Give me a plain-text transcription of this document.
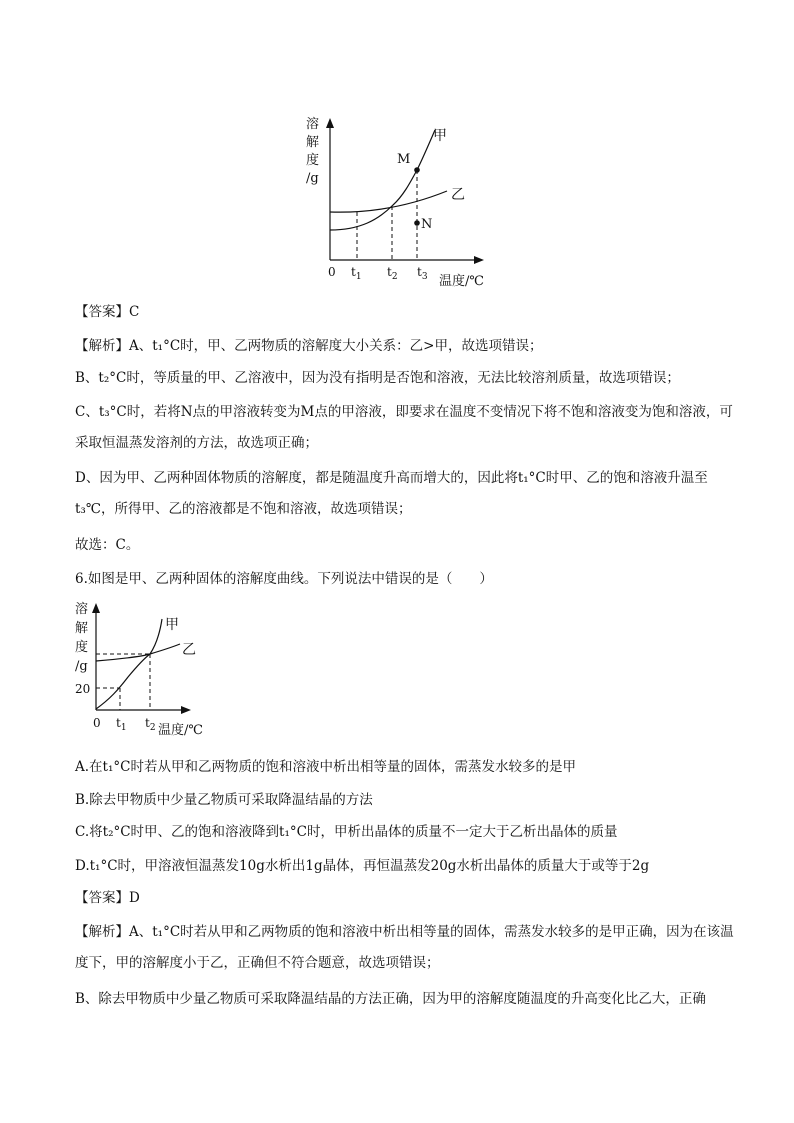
溶
解
度
/g
M
N
甲
乙
0 $t_1$ $t_2$ $t_3$ 温度/℃
【答案】C
【解析】A、t₁°C时，甲、乙两物质的溶解度大小关系：乙>甲，故选项错误；
B、t₂°C时，等质量的甲、乙溶液中，因为没有指明是否饱和溶液，无法比较溶剂质量，故选项错误；
C、t₃°C时，若将N点的甲溶液转变为M点的甲溶液，即要求在温度不变情况下将不饱和溶液变为饱和溶液，可采取恒温蒸发溶剂的方法，故选项正确；
D、因为甲、乙两种固体物质的溶解度，都是随温度升高而增大的，因此将t₁°C时甲、乙的饱和溶液升温至t₃℃，所得甲、乙的溶液都是不饱和溶液，故选项错误；
故选：C。
6.如图是甲、乙两种固体的溶解度曲线。下列说法中错误的是（　　）
溶
解
度
/g
20
甲
乙
0 $t_1$ $t_2$ 温度/℃
A.在t₁°C时若从甲和乙两物质的饱和溶液中析出相等量的固体，需蒸发水较多的是甲
B.除去甲物质中少量乙物质可采取降温结晶的方法
C.将t₂°C时甲、乙的饱和溶液降到t₁°C时，甲析出晶体的质量不一定大于乙析出晶体的质量
D.t₁°C时，甲溶液恒温蒸发10g水析出1g晶体，再恒温蒸发20g水析出晶体的质量大于或等于2g
【答案】D
【解析】A、t₁°C时若从甲和乙两物质的饱和溶液中析出相等量的固体，需蒸发水较多的是甲正确，因为在该温度下，甲的溶解度小于乙，正确但不符合题意，故选项错误；
B、除去甲物质中少量乙物质可采取降温结晶的方法正确，因为甲的溶解度随温度的升高变化比乙大，正确
